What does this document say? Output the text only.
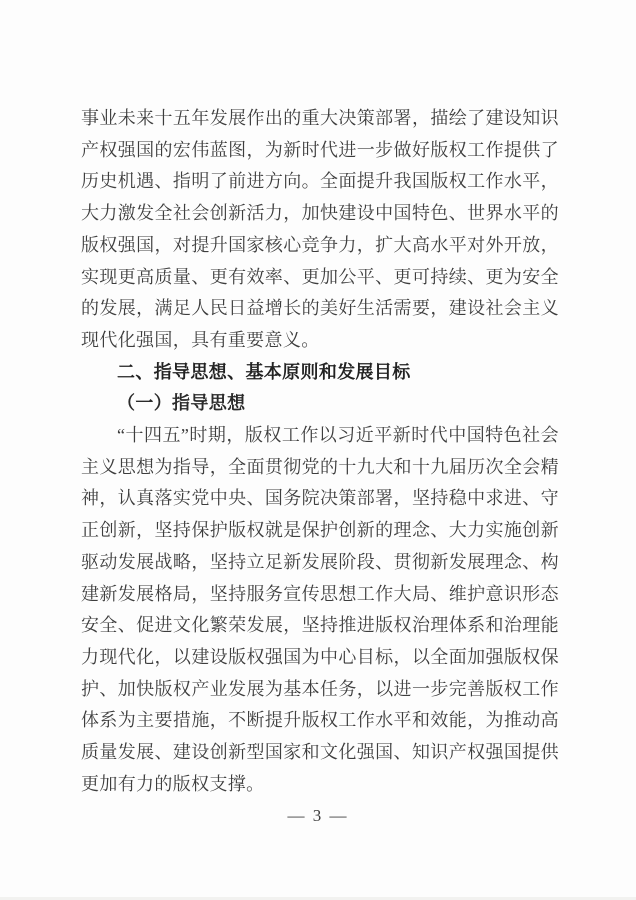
事业未来十五年发展作出的重大决策部署，描绘了建设知识产权强国的宏伟蓝图，为新时代进一步做好版权工作提供了历史机遇、指明了前进方向。全面提升我国版权工作水平，大力激发全社会创新活力，加快建设中国特色、世界水平的版权强国，对提升国家核心竞争力，扩大高水平对外开放，实现更高质量、更有效率、更加公平、更可持续、更为安全的发展，满足人民日益增长的美好生活需要，建设社会主义现代化强国，具有重要意义。

二、指导思想、基本原则和发展目标
（一）指导思想

“十四五”时期，版权工作以习近平新时代中国特色社会主义思想为指导，全面贯彻党的十九大和十九届历次全会精神，认真落实党中央、国务院决策部署，坚持稳中求进、守正创新，坚持保护版权就是保护创新的理念、大力实施创新驱动发展战略，坚持立足新发展阶段、贯彻新发展理念、构建新发展格局，坚持服务宣传思想工作大局、维护意识形态安全、促进文化繁荣发展，坚持推进版权治理体系和治理能力现代化，以建设版权强国为中心目标，以全面加强版权保护、加快版权产业发展为基本任务，以进一步完善版权工作体系为主要措施，不断提升版权工作水平和效能，为推动高质量发展、建设创新型国家和文化强国、知识产权强国提供更加有力的版权支撑。

— 3 —
